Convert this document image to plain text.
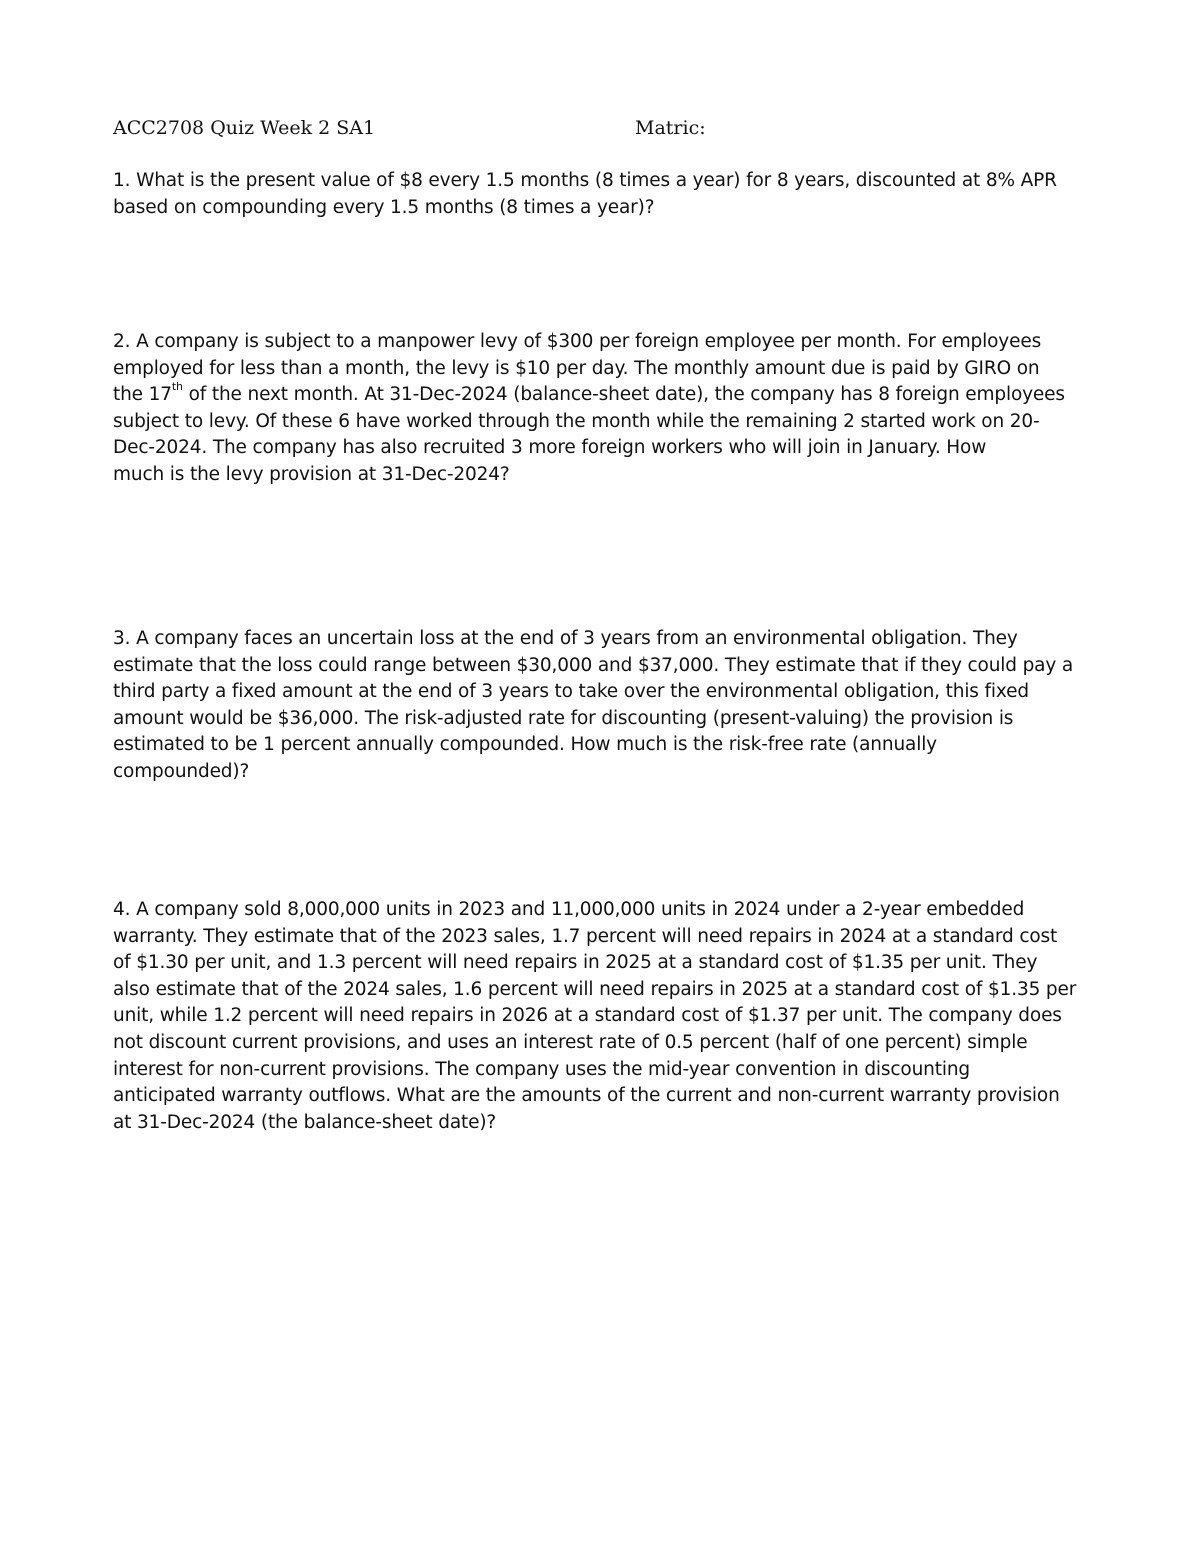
ACC2708 Quiz Week 2 SA1	Matric:
1. What is the present value of $8 every 1.5 months (8 times a year) for 8 years, discounted at 8% APR
based on compounding every 1.5 months (8 times a year)?
2. A company is subject to a manpower levy of $300 per foreign employee per month. For employees
employed for less than a month, the levy is $10 per day. The monthly amount due is paid by GIRO on
the 17th of the next month. At 31-Dec-2024 (balance-sheet date), the company has 8 foreign employees
subject to levy. Of these 6 have worked through the month while the remaining 2 started work on 20-
Dec-2024. The company has also recruited 3 more foreign workers who will join in January. How
much is the levy provision at 31-Dec-2024?
3. A company faces an uncertain loss at the end of 3 years from an environmental obligation. They
estimate that the loss could range between $30,000 and $37,000. They estimate that if they could pay a
third party a fixed amount at the end of 3 years to take over the environmental obligation, this fixed
amount would be $36,000. The risk-adjusted rate for discounting (present-valuing) the provision is
estimated to be 1 percent annually compounded. How much is the risk-free rate (annually
compounded)?
4. A company sold 8,000,000 units in 2023 and 11,000,000 units in 2024 under a 2-year embedded
warranty. They estimate that of the 2023 sales, 1.7 percent will need repairs in 2024 at a standard cost
of $1.30 per unit, and 1.3 percent will need repairs in 2025 at a standard cost of $1.35 per unit. They
also estimate that of the 2024 sales, 1.6 percent will need repairs in 2025 at a standard cost of $1.35 per
unit, while 1.2 percent will need repairs in 2026 at a standard cost of $1.37 per unit. The company does
not discount current provisions, and uses an interest rate of 0.5 percent (half of one percent) simple
interest for non-current provisions. The company uses the mid-year convention in discounting
anticipated warranty outflows. What are the amounts of the current and non-current warranty provision
at 31-Dec-2024 (the balance-sheet date)?
